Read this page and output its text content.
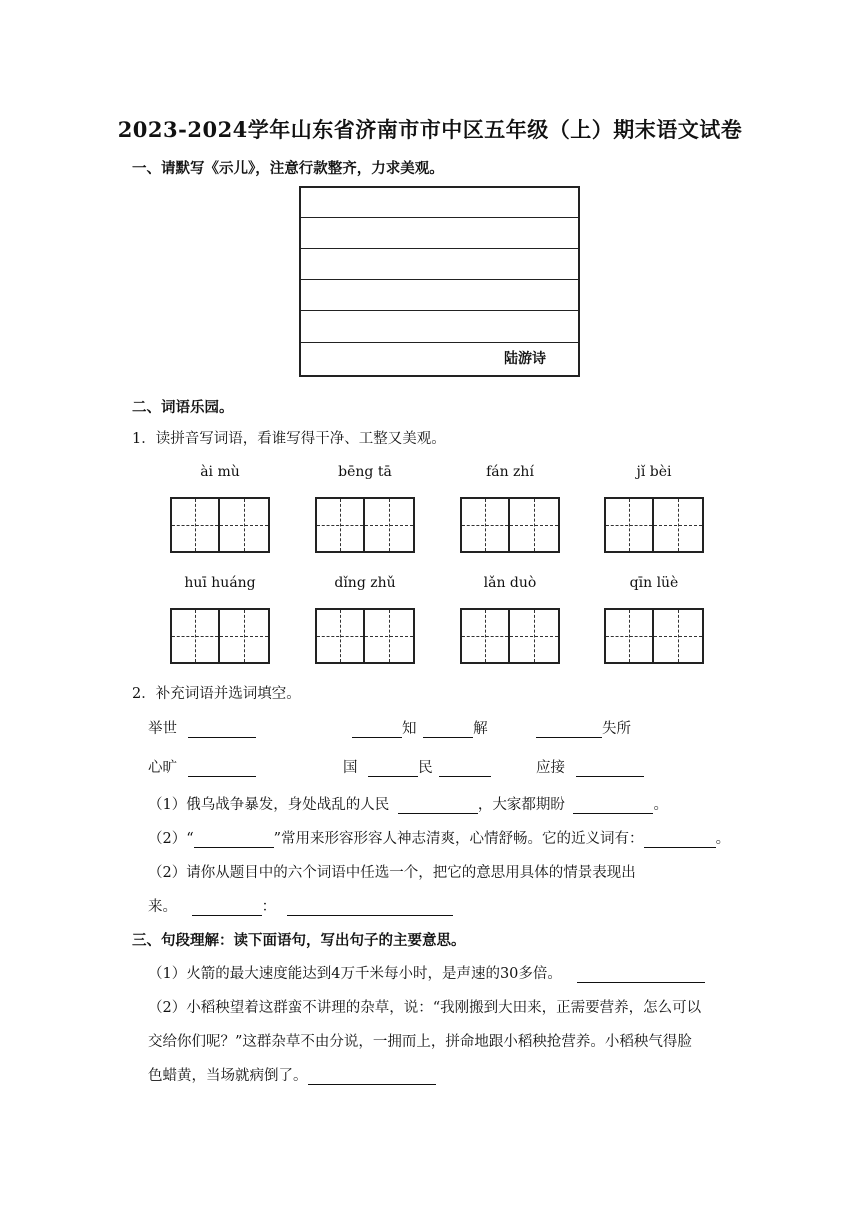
2023-2024学年山东省济南市市中区五年级（上）期末语文试卷
一、请默写《示儿》，注意行款整齐，力求美观。
陆游诗
二、词语乐园。
1．读拼音写词语，看谁写得干净、工整又美观。
ài mù	bēng tā	fán zhí	jǐ bèi
huī huáng	dǐng zhǔ	lǎn duò	qīn lüè
2．补充词语并选词填空。
举世	知	解	失所
心旷	国	民	应接
（1）俄乌战争暴发，身处战乱的人民	，大家都期盼	。
（2）“	”常用来形容形容人神志清爽，心情舒畅。它的近义词有：	。
（2）请你从题目中的六个词语中任选一个，把它的意思用具体的情景表现出
来。	：
三、句段理解：读下面语句，写出句子的主要意思。
（1）火箭的最大速度能达到4万千米每小时，是声速的30多倍。
（2）小稻秧望着这群蛮不讲理的杂草，说：“我刚搬到大田来，正需要营养，怎么可以
交给你们呢？”这群杂草不由分说，一拥而上，拼命地跟小稻秧抢营养。小稻秧气得脸
色蜡黄，当场就病倒了。
